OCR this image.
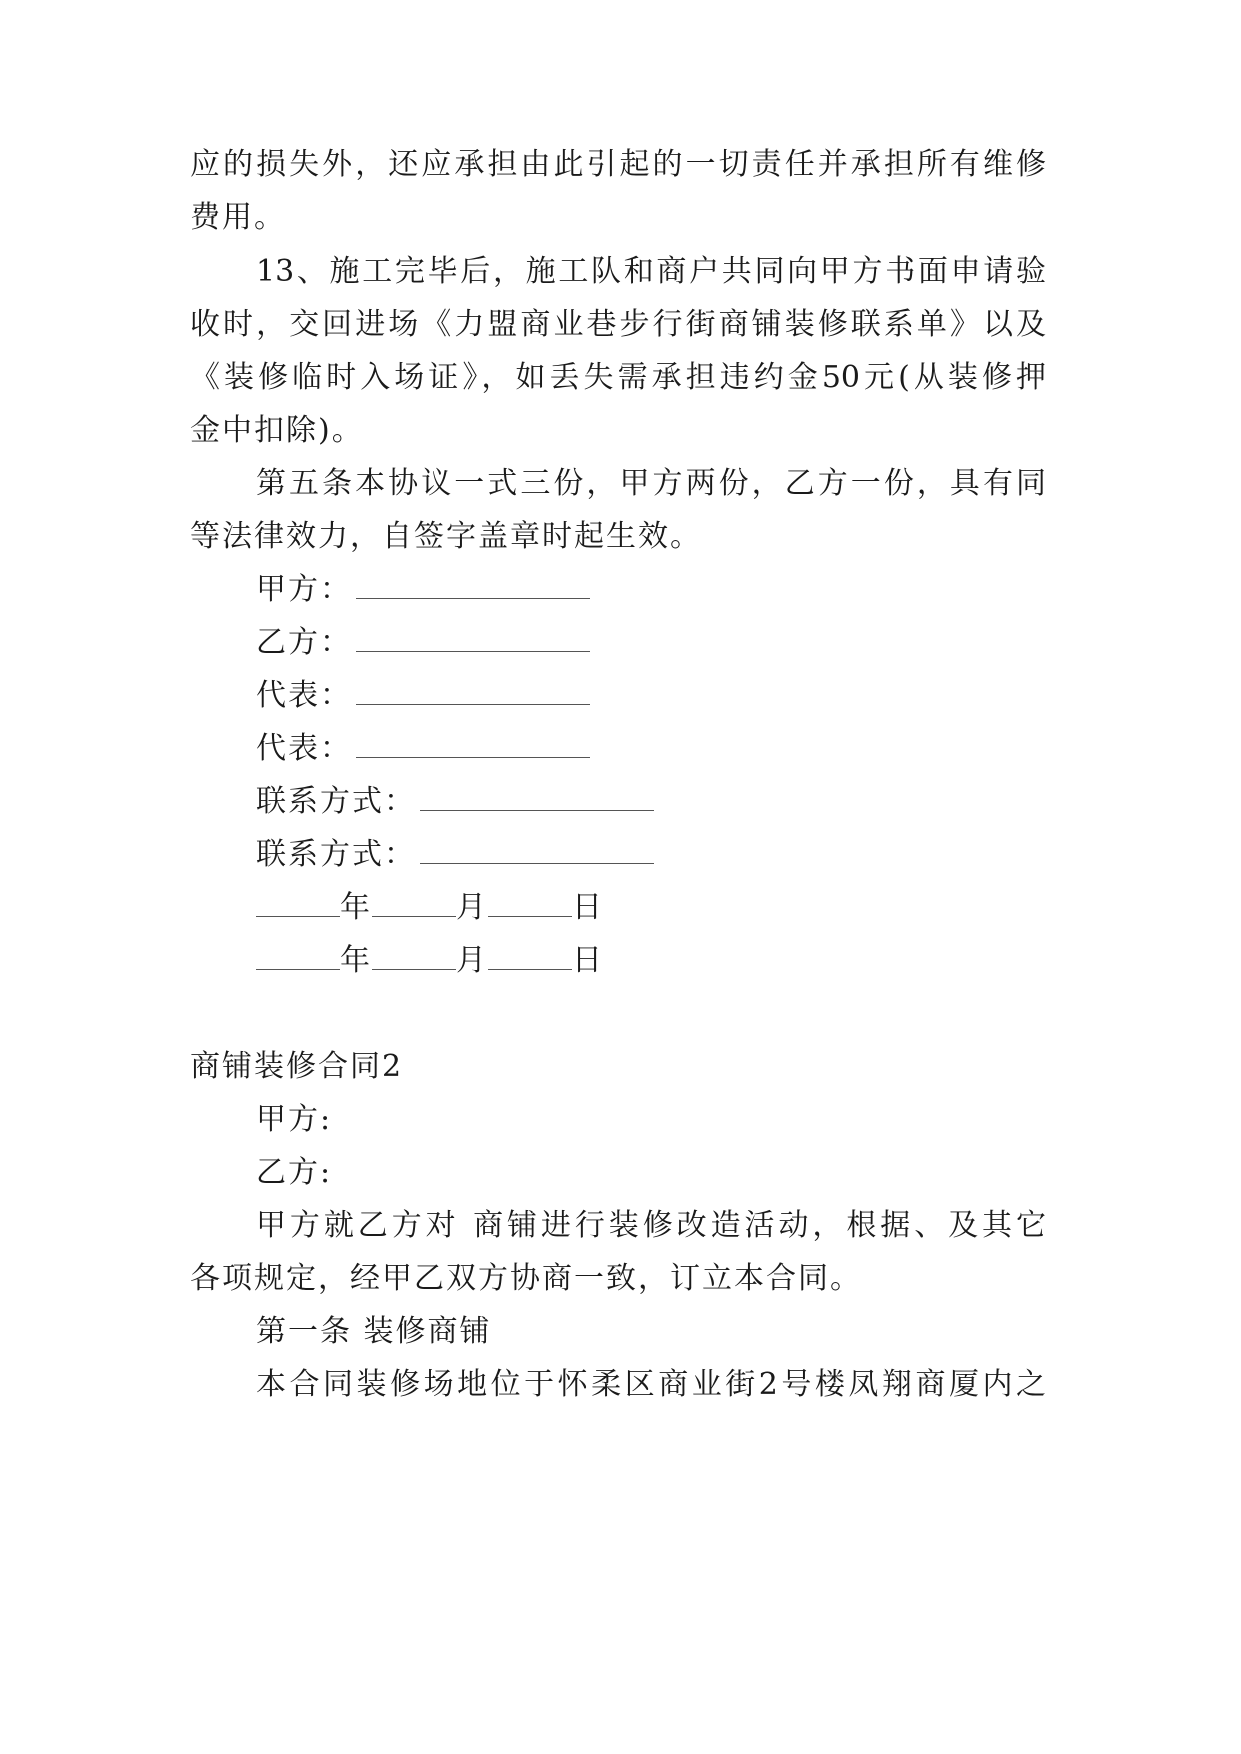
应的损失外，还应承担由此引起的一切责任并承担所有维修
费用。
13、施工完毕后，施工队和商户共同向甲方书面申请验
收时，交回进场《力盟商业巷步行街商铺装修联系单》以及
《装修临时入场证》，如丢失需承担违约金50元(从装修押
金中扣除)。
第五条本协议一式三份，甲方两份，乙方一份，具有同
等法律效力，自签字盖章时起生效。
甲方：
乙方：
代表：
代表：
联系方式：
联系方式：
年	月	日
年	月	日
商铺装修合同2
甲方:
乙方:
甲方就乙方对 商铺进行装修改造活动，根据、及其它
各项规定，经甲乙双方协商一致，订立本合同。
第一条 装修商铺
本合同装修场地位于怀柔区商业街2号楼凤翔商厦内之
